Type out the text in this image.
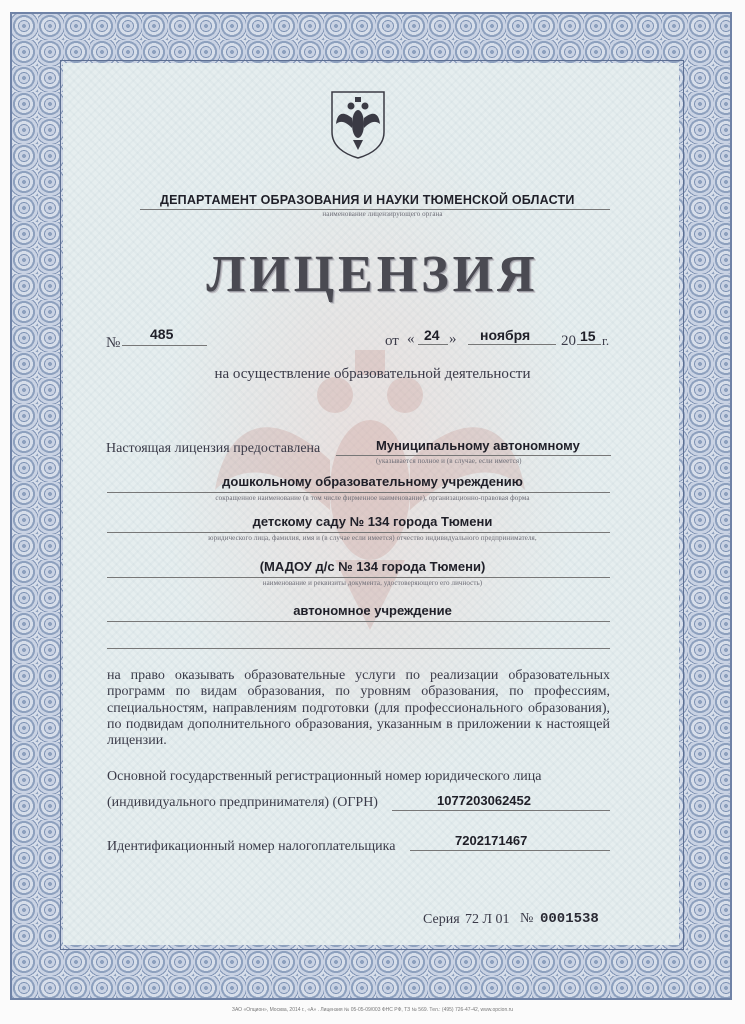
ДЕПАРТАМЕНТ ОБРАЗОВАНИЯ И НАУКИ ТЮМЕНСКОЙ ОБЛАСТИ
наименование лицензирующего органа
ЛИЦЕНЗИЯ
№
485	от « 24 » ноября 20 15 г.
на осуществление образовательной деятельности
Настоящая лицензия предоставлена	Муниципальному автономному
(указывается полное и (в случае, если имеется)
дошкольному образовательному учреждению
сокращенное наименование (в том числе фирменное наименование), организационно-правовая форма
детскому саду № 134 города Тюмени
юридического лица, фамилия, имя и (в случае если имеется) отчество индивидуального предпринимателя,
(МАДОУ д/с № 134 города Тюмени)
наименование и реквизиты документа, удостоверяющего его личность)
автономное учреждение
на право оказывать образовательные услуги по реализации образовательных программ по видам образования, по уровням образования, по профессиям, специальностям, направлениям подготовки (для профессионального образования), по подвидам дополнительного образования, указанным в приложении к настоящей лицензии.
Основной государственный регистрационный номер юридического лица
(индивидуального предпринимателя) (ОГРН)	1077203062452
Идентификационный номер налогоплательщика	7202171467
Серия 72 Л 01 № 0001538
ЗАО «Опцион», Москва, 2014 г., «А» . Лицензия № 05-05-09/003 ФНС РФ, ТЗ № 569. Тел.: (495) 726-47-42, www.opcion.ru
